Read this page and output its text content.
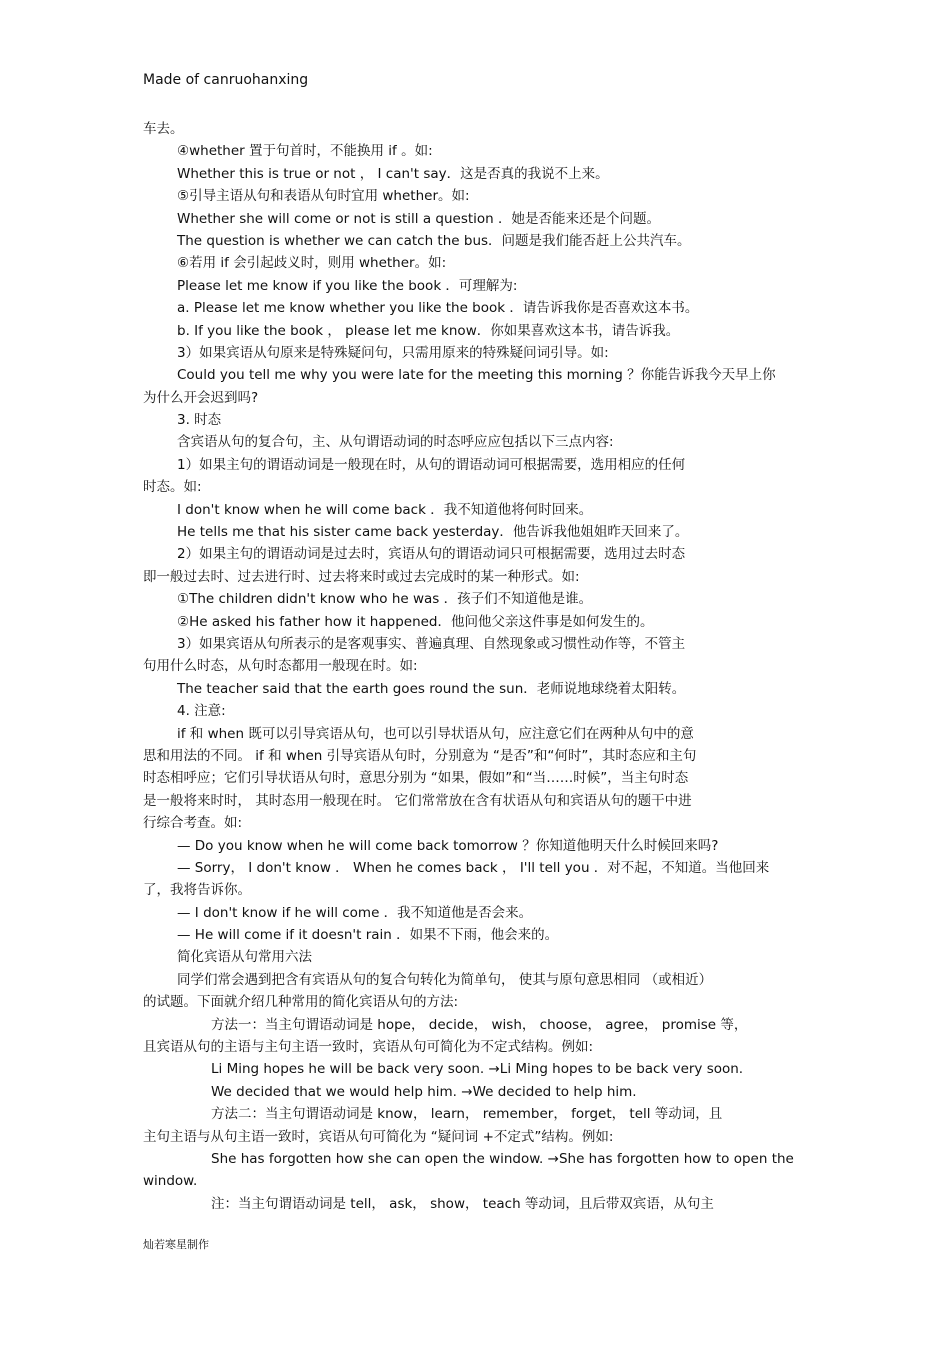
Made of canruohanxing
车去。
④whether 置于句首时，不能换用 if 。如:
Whether this is true or not ， I can't say．这是否真的我说不上来。
⑤引导主语从句和表语从句时宜用 whether。如:
Whether she will come or not is still a question ．她是否能来还是个问题。
The question is whether we can catch the bus．问题是我们能否赶上公共汽车。
⑥若用 if 会引起歧义时，则用 whether。如:
Please let me know if you like the book ．可理解为:
a. Please let me know whether you like the book ．请告诉我你是否喜欢这本书。
b. If you like the book ， please let me know．你如果喜欢这本书，请告诉我。
3）如果宾语从句原来是特殊疑问句，只需用原来的特殊疑问词引导。如:
Could you tell me why you were late for the meeting this morning ？你能告诉我今天早上你
为什么开会迟到吗?
3. 时态
含宾语从句的复合句，主、从句谓语动词的时态呼应应包括以下三点内容:
1）如果主句的谓语动词是一般现在时，从句的谓语动词可根据需要，选用相应的任何
时态。如:
I don't know when he will come back ．我不知道他将何时回来。
He tells me that his sister came back yesterday．他告诉我他姐姐昨天回来了。
2）如果主句的谓语动词是过去时，宾语从句的谓语动词只可根据需要，选用过去时态
即一般过去时、过去进行时、过去将来时或过去完成时的某一种形式。如:
①The children didn't know who he was ．孩子们不知道他是谁。
②He asked his father how it happened．他问他父亲这件事是如何发生的。
3）如果宾语从句所表示的是客观事实、普遍真理、自然现象或习惯性动作等，不管主
句用什么时态，从句时态都用一般现在时。如:
The teacher said that the earth goes round the sun．老师说地球绕着太阳转。
4. 注意:
if 和 when 既可以引导宾语从句，也可以引导状语从句，应注意它们在两种从句中的意
思和用法的不同。 if 和 when 引导宾语从句时，分别意为 “是否”和“何时”，其时态应和主句
时态相呼应；它们引导状语从句时，意思分别为 “如果，假如”和“当……时候”，当主句时态
是一般将来时时， 其时态用一般现在时。 它们常常放在含有状语从句和宾语从句的题干中进
行综合考查。如:
— Do you know when he will come back tomorrow ？你知道他明天什么时候回来吗?
— Sorry， I don't know ． When he comes back ， I'll tell you ．对不起，不知道。当他回来
了，我将告诉你。
— I don't know if he will come ．我不知道他是否会来。
— He will come if it doesn't rain ．如果不下雨，他会来的。
简化宾语从句常用六法
同学们常会遇到把含有宾语从句的复合句转化为简单句， 使其与原句意思相同 （或相近）
的试题。下面就介绍几种常用的简化宾语从句的方法:
方法一：当主句谓语动词是 hope， decide， wish， choose， agree， promise 等，
且宾语从句的主语与主句主语一致时，宾语从句可简化为不定式结构。例如:
Li Ming hopes he will be back very soon. →Li Ming hopes to be back very soon.
We decided that we would help him. →We decided to help him.
方法二：当主句谓语动词是 know， learn， remember， forget， tell 等动词，且
主句主语与从句主语一致时，宾语从句可简化为 “疑问词 +不定式”结构。例如:
She has forgotten how she can open the window. →She has forgotten how to open the
window.
注：当主句谓语动词是 tell， ask， show， teach 等动词，且后带双宾语，从句主
灿若寒星制作
